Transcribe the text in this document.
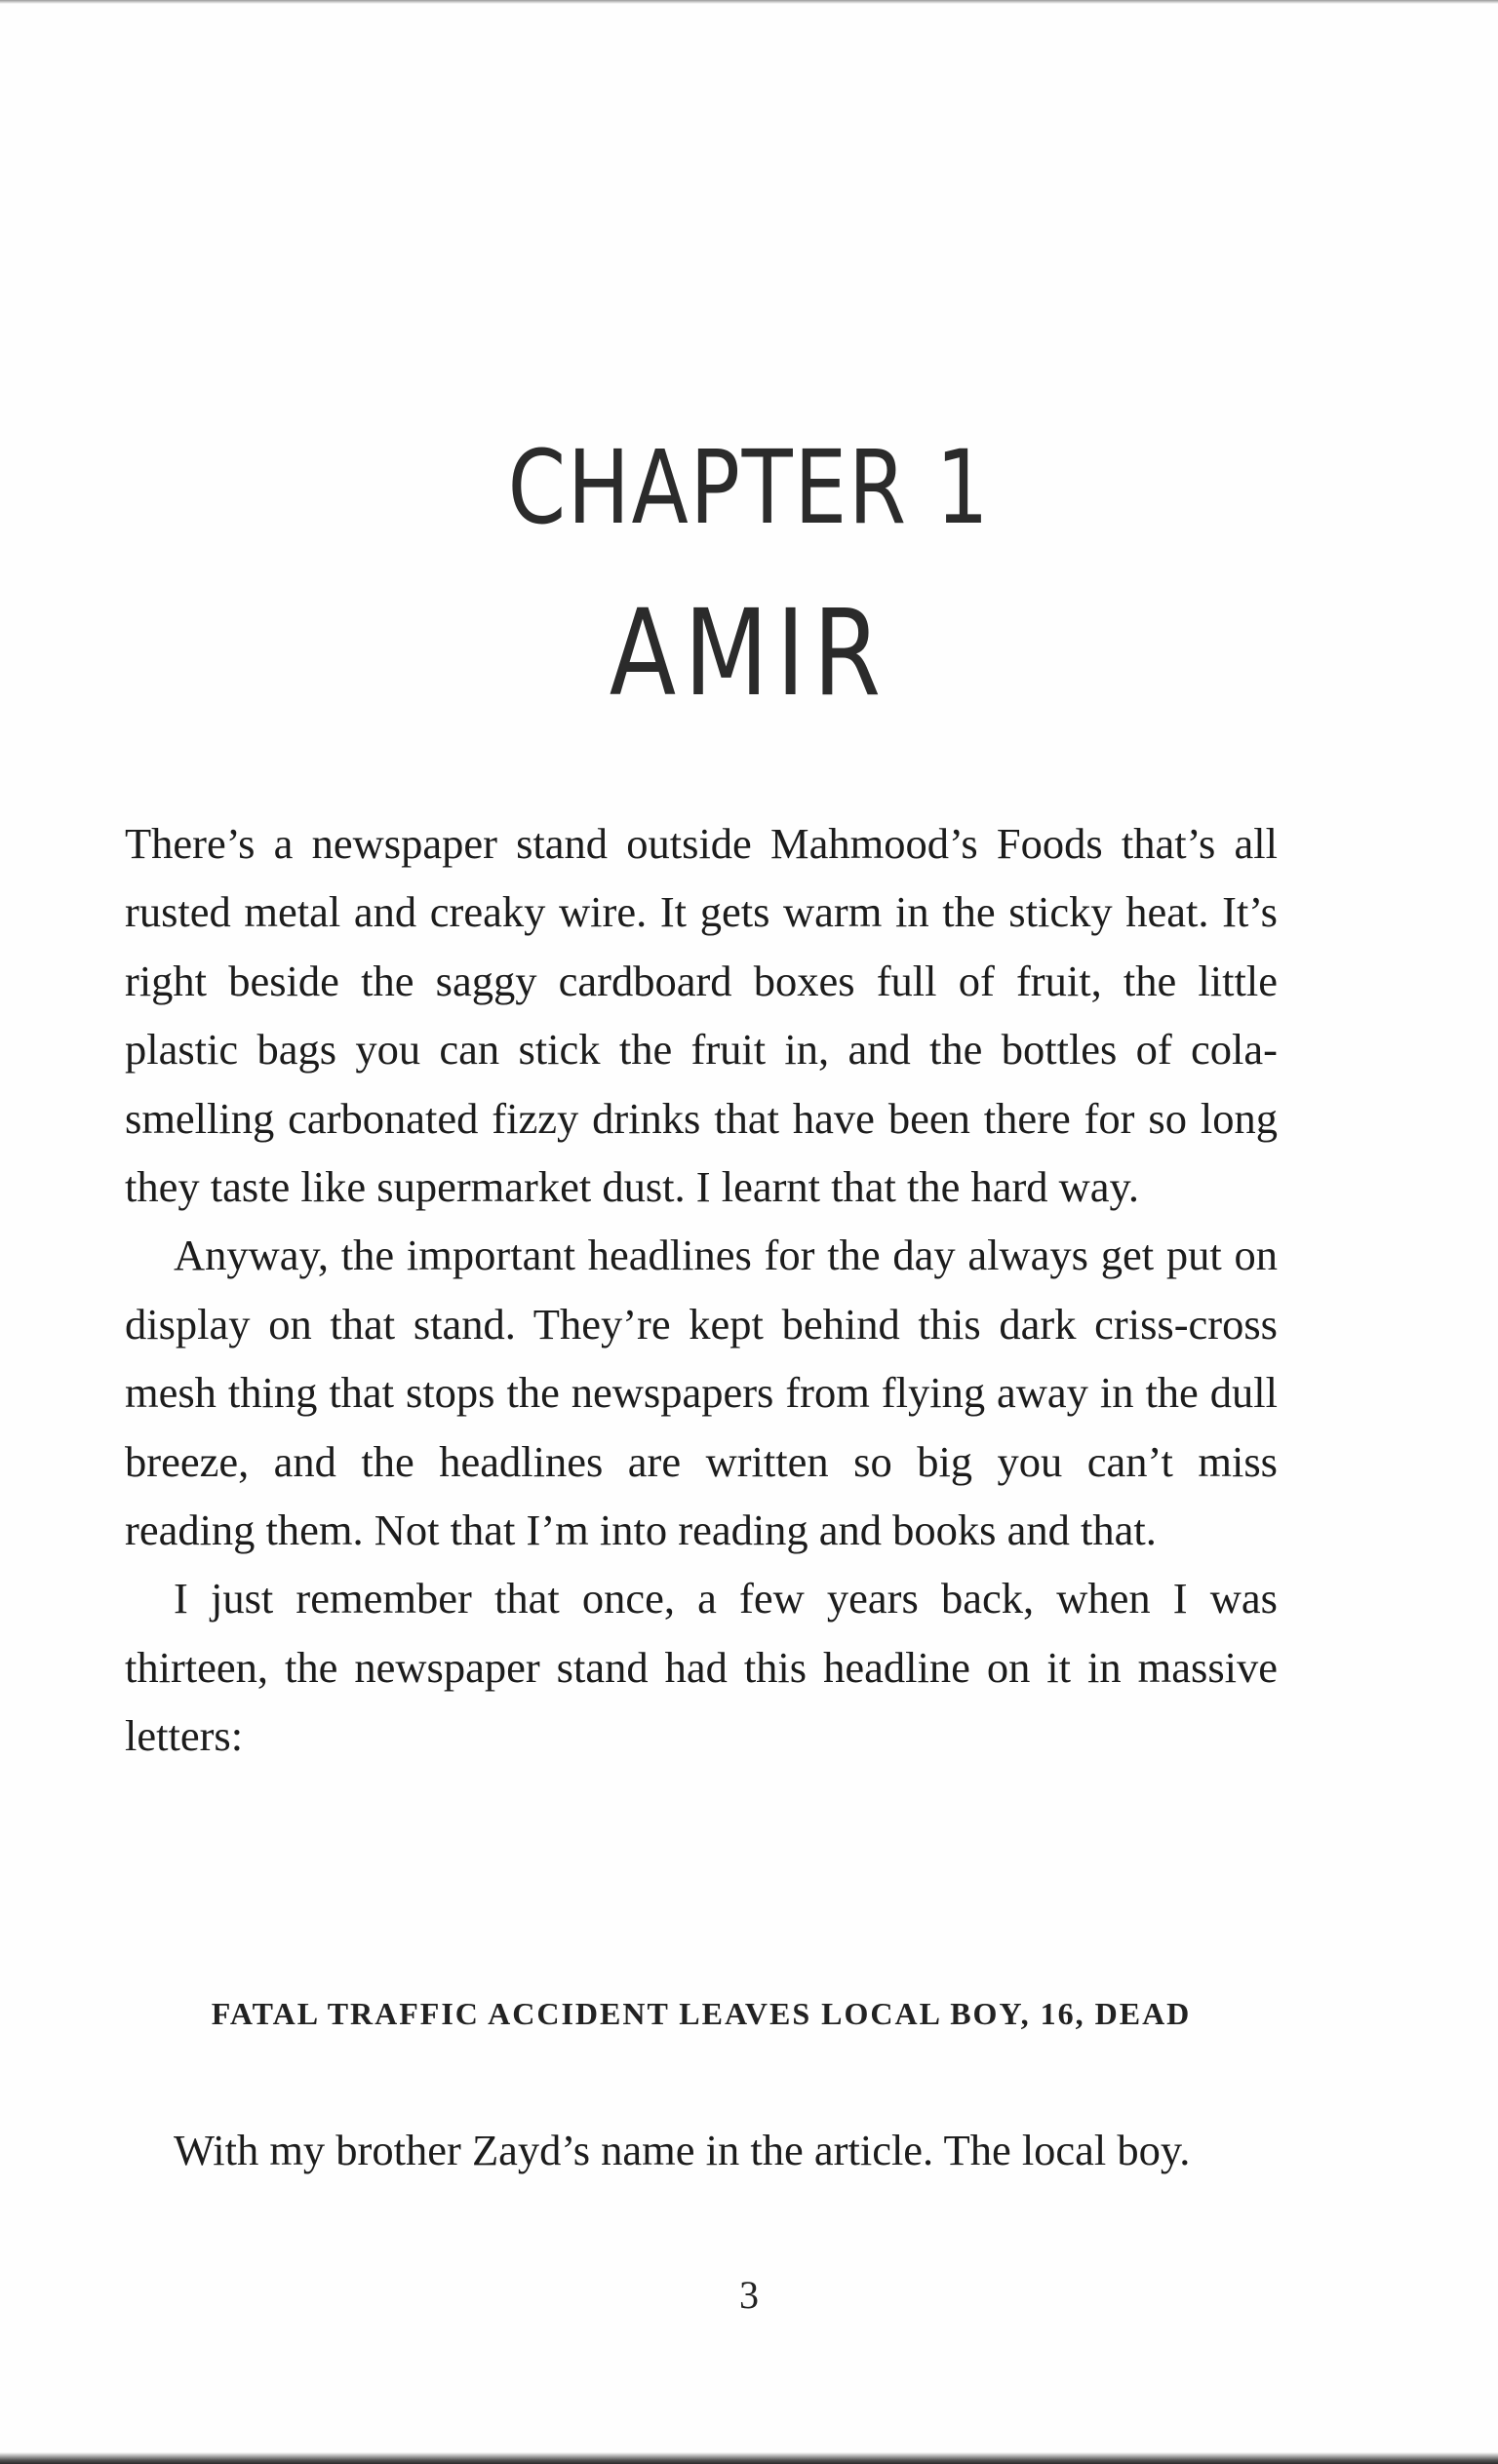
CHAPTER 1
AMIR

There’s a newspaper stand outside Mahmood’s Foods that’s all rusted metal and creaky wire. It gets warm in the sticky heat. It’s right beside the saggy cardboard boxes full of fruit, the little plastic bags you can stick the fruit in, and the bottles of cola-smelling carbonated fizzy drinks that have been there for so long they taste like supermarket dust. I learnt that the hard way.

Anyway, the important headlines for the day always get put on display on that stand. They’re kept behind this dark criss-cross mesh thing that stops the newspapers from flying away in the dull breeze, and the headlines are written so big you can’t miss reading them. Not that I’m into reading and books and that.

I just remember that once, a few years back, when I was thirteen, the newspaper stand had this headline on it in massive letters:

FATAL TRAFFIC ACCIDENT LEAVES LOCAL BOY, 16, DEAD

With my brother Zayd’s name in the article. The local boy.

3
